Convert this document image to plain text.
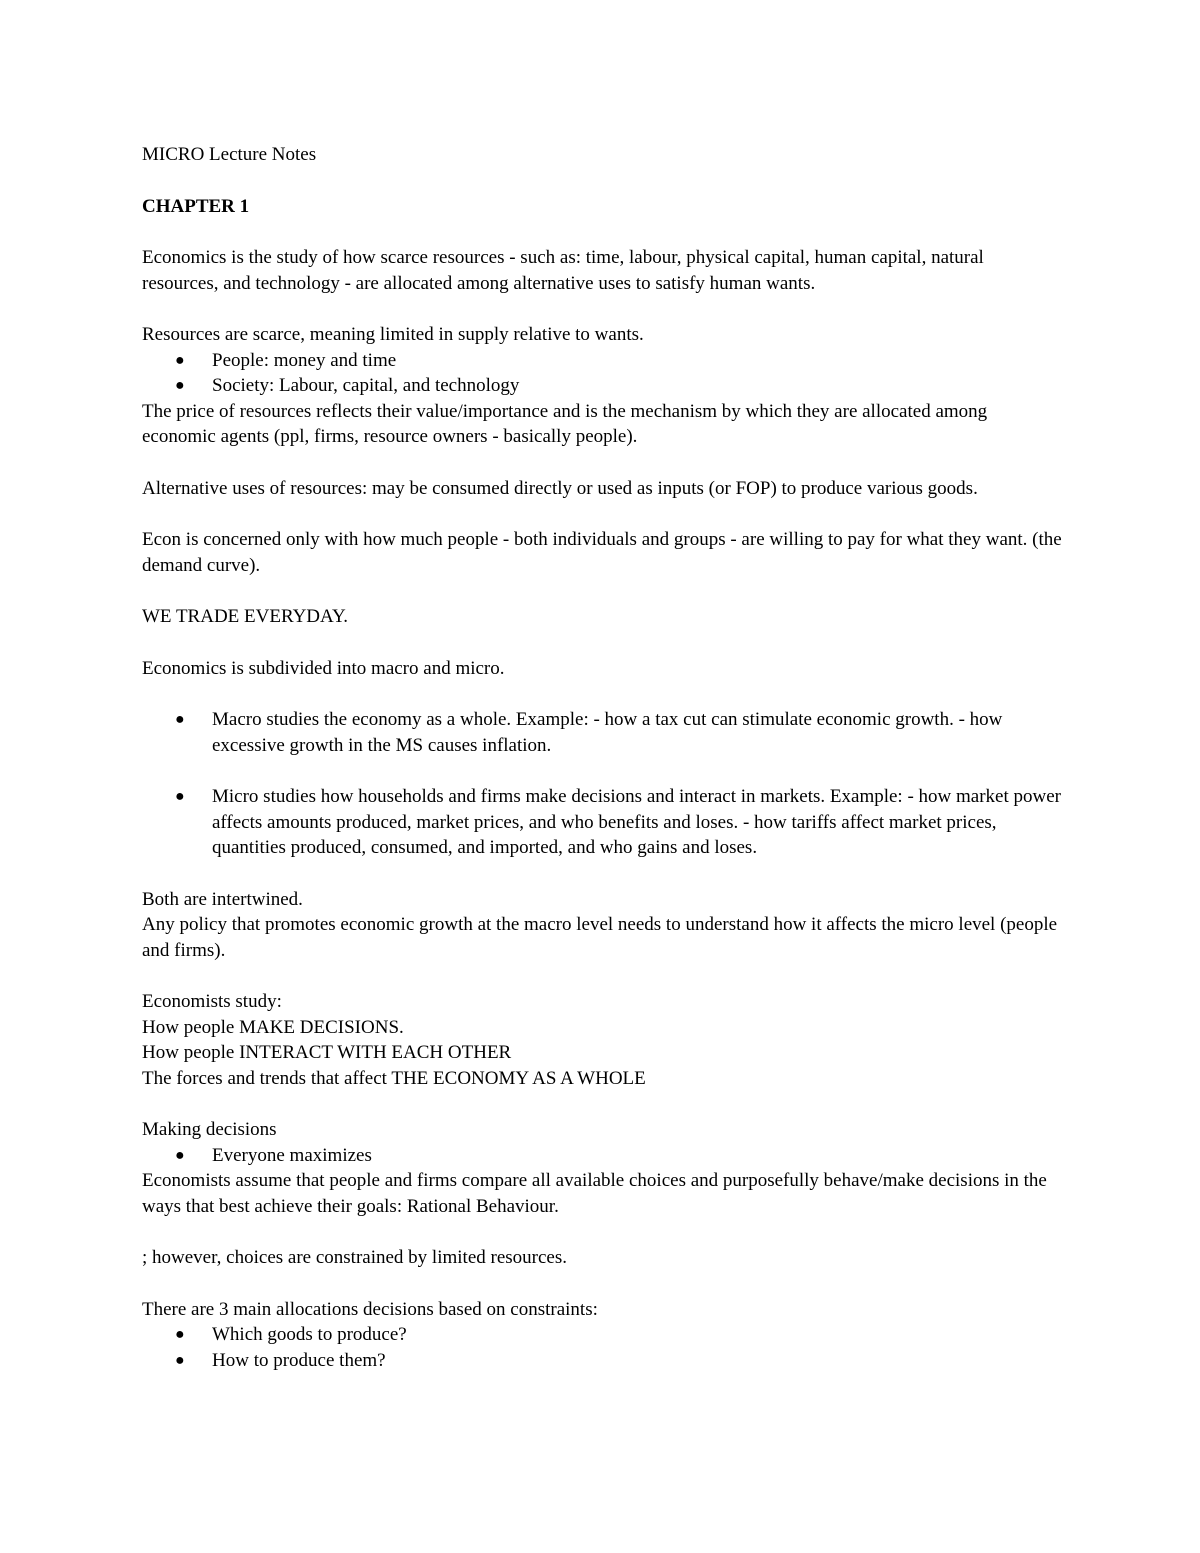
MICRO Lecture Notes

CHAPTER 1

Economics is the study of how scarce resources - such as: time, labour, physical capital, human capital, natural resources, and technology - are allocated among alternative uses to satisfy human wants.

Resources are scarce, meaning limited in supply relative to wants.

● People: money and time
● Society: Labour, capital, and technology

The price of resources reflects their value/importance and is the mechanism by which they are allocated among economic agents (ppl, firms, resource owners - basically people).

Alternative uses of resources: may be consumed directly or used as inputs (or FOP) to produce various goods.

Econ is concerned only with how much people - both individuals and groups - are willing to pay for what they want. (the demand curve).

WE TRADE EVERYDAY.

Economics is subdivided into macro and micro.

● Macro studies the economy as a whole. Example: - how a tax cut can stimulate economic growth. - how excessive growth in the MS causes inflation.
● Micro studies how households and firms make decisions and interact in markets. Example: - how market power affects amounts produced, market prices, and who benefits and loses. - how tariffs affect market prices, quantities produced, consumed, and imported, and who gains and loses.

Both are intertwined.

Any policy that promotes economic growth at the macro level needs to understand how it affects the micro level (people and firms).

Economists study:

How people MAKE DECISIONS.

How people INTERACT WITH EACH OTHER

The forces and trends that affect THE ECONOMY AS A WHOLE

Making decisions

● Everyone maximizes

Economists assume that people and firms compare all available choices and purposefully behave/make decisions in the ways that best achieve their goals: Rational Behaviour.

; however, choices are constrained by limited resources.

There are 3 main allocations decisions based on constraints:

● Which goods to produce?
● How to produce them?
